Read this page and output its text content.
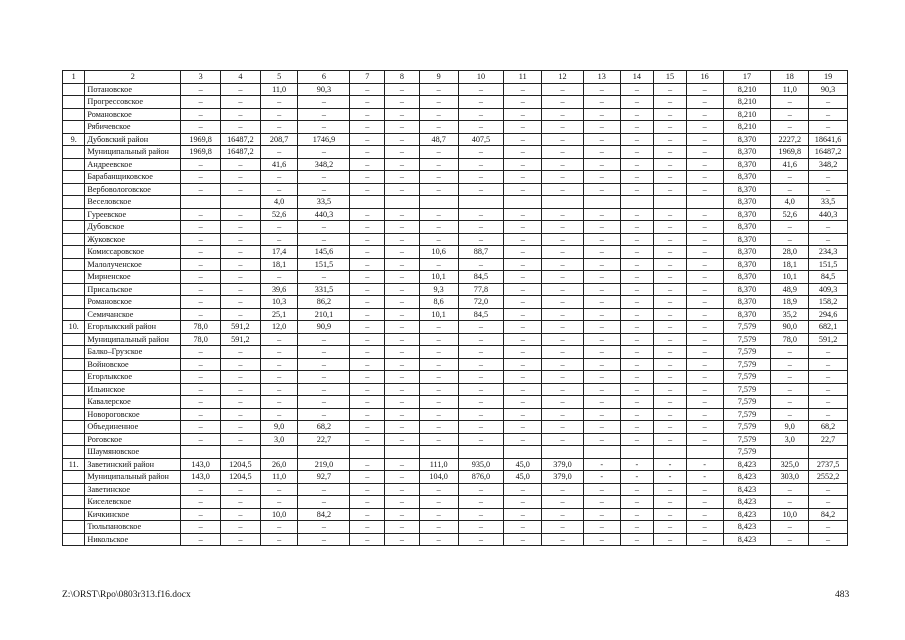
1	2	3	4	5	6	7	8	9	10	11	12	13	14	15	16	17	18	19
	Потановское	–	–	11,0	90,3	–	–	–	–	–	–	–	–	–	–	8,210	11,0	90,3
	Прогрессовское	–	–	–	–	–	–	–	–	–	–	–	–	–	–	8,210	–	–
	Романовское	–	–	–	–	–	–	–	–	–	–	–	–	–	–	8,210	–	–
	Рябичевское	–	–	–	–	–	–	–	–	–	–	–	–	–	–	8,210	–	–
9.	Дубовский район	1969,8	16487,2	208,7	1746,9	–	–	48,7	407,5	–	–	–	–	–	–	8,370	2227,2	18641,6
	Муниципальный район	1969,8	16487,2	–	–	–	–	–	–	–	–	–	–	–	–	8,370	1969,8	16487,2
	Андреевское	–	–	41,6	348,2	–	–	–	–	–	–	–	–	–	–	8,370	41,6	348,2
	Барабанщиковское	–	–	–	–	–	–	–	–	–	–	–	–	–	–	8,370	–	–
	Вербовологовское	–	–	–	–	–	–	–	–	–	–	–	–	–	–	8,370	–	–
	Веселовское			4,0	33,5											8,370	4,0	33,5
	Гуреевское	–	–	52,6	440,3	–	–	–	–	–	–	–	–	–	–	8,370	52,6	440,3
	Дубовское	–	–	–	–	–	–	–	–	–	–	–	–	–	–	8,370	–	–
	Жуковское	–	–	–	–	–	–	–	–	–	–	–	–	–	–	8,370	–	–
	Комиссаровское	–	–	17,4	145,6	–	–	10,6	88,7	–	–	–	–	–	–	8,370	28,0	234,3
	Малолученское	–	–	18,1	151,5	–	–	–	–	–	–	–	–	–	–	8,370	18,1	151,5
	Мирненское	–	–	–	–	–	–	10,1	84,5	–	–	–	–	–	–	8,370	10,1	84,5
	Присальское	–	–	39,6	331,5	–	–	9,3	77,8	–	–	–	–	–	–	8,370	48,9	409,3
	Романовское	–	–	10,3	86,2	–	–	8,6	72,0	–	–	–	–	–	–	8,370	18,9	158,2
	Семичанское	–	–	25,1	210,1	–	–	10,1	84,5	–	–	–	–	–	–	8,370	35,2	294,6
10.	Егорлыкский район	78,0	591,2	12,0	90,9	–	–	–	–	–	–	–	–	–	–	7,579	90,0	682,1
	Муниципальный район	78,0	591,2	–	–	–	–	–	–	–	–	–	–	–	–	7,579	78,0	591,2
	Балко–Грузское	–	–	–	–	–	–	–	–	–	–	–	–	–	–	7,579	–	–
	Войновское	–	–	–	–	–	–	–	–	–	–	–	–	–	–	7,579	–	–
	Егорлыкское	–	–	–	–	–	–	–	–	–	–	–	–	–	–	7,579	–	–
	Ильинское	–	–	–	–	–	–	–	–	–	–	–	–	–	–	7,579	–	–
	Кавалерское	–	–	–	–	–	–	–	–	–	–	–	–	–	–	7,579	–	–
	Новороговское	–	–	–	–	–	–	–	–	–	–	–	–	–	–	7,579	–	–
	Объединенное	–	–	9,0	68,2	–	–	–	–	–	–	–	–	–	–	7,579	9,0	68,2
	Роговское	–	–	3,0	22,7	–	–	–	–	–	–	–	–	–	–	7,579	3,0	22,7
	Шаумяновское															7,579		
11.	Заветинский район	143,0	1204,5	26,0	219,0	–	–	111,0	935,0	45,0	379,0	-	-	-	-	8,423	325,0	2737,5
	Муниципальный район	143,0	1204,5	11,0	92,7	–	–	104,0	876,0	45,0	379,0	-	-	-	-	8,423	303,0	2552,2
	Заветинское	–	–	–	–	–	–	–	–	–	–	–	–	–	–	8,423	–	–
	Киселевское	–	–	–	–	–	–	–	–	–	–	–	–	–	–	8,423	–	–
	Кичкинское	–	–	10,0	84,2	–	–	–	–	–	–	–	–	–	–	8,423	10,0	84,2
	Тюльпановское	–	–	–	–	–	–	–	–	–	–	–	–	–	–	8,423	–	–
	Никольское	–	–	–	–	–	–	–	–	–	–	–	–	–	–	8,423	–	–
Z:\ORST\Rpo\0803r313.f16.docx	483
